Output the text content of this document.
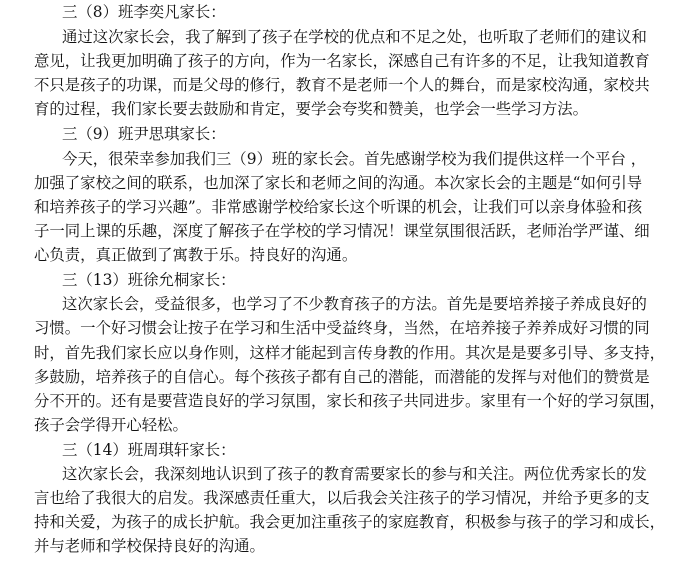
三（8）班李奕凡家长：
通过这次家长会，我了解到了孩子在学校的优点和不足之处，也听取了老师们的建议和
意见，让我更加明确了孩子的方向，作为一名家长，深感自己有许多的不足，让我知道教育
不只是孩子的功课，而是父母的修行，教育不是老师一个人的舞台，而是家校沟通，家校共
育的过程，我们家长要去鼓励和肯定，要学会夸奖和赞美，也学会一些学习方法。
三（9）班尹思琪家长：
今天，很荣幸参加我们三（9）班的家长会。首先感谢学校为我们提供这样一个平台 ，
加强了家校之间的联系，也加深了家长和老师之间的沟通。本次家长会的主题是“如何引导
和培养孩子的学习兴趣”。非常感谢学校给家长这个听课的机会，让我们可以亲身体验和孩
子一同上课的乐趣，深度了解孩子在学校的学习情况！课堂氛围很活跃，老师治学严谨、细
心负责，真正做到了寓教于乐。持良好的沟通。
三（13）班徐允桐家长：
这次家长会，受益很多，也学习了不少教育孩子的方法。首先是要培养接子养成良好的
习惯。一个好习惯会让按子在学习和生活中受益终身，当然，在培养接子养养成好习惯的同
时，首先我们家长应以身作则，这样才能起到言传身教的作用。其次是是要多引导、多支持，
多鼓励，培养孩子的自信心。每个孩孩子都有自己的潜能，而潜能的发挥与对他们的赞赏是
分不开的。还有是要营造良好的学习氛围，家长和孩子共同进步。家里有一个好的学习氛围，
孩子会学得开心轻松。
三（14）班周琪轩家长：
这次家长会，我深刻地认识到了孩子的教育需要家长的参与和关注。两位优秀家长的发
言也给了我很大的启发。我深感责任重大，以后我会关注孩子的学习情况，并给予更多的支
持和关爱，为孩子的成长护航。我会更加注重孩子的家庭教育，积极参与孩子的学习和成长，
并与老师和学校保持良好的沟通。
